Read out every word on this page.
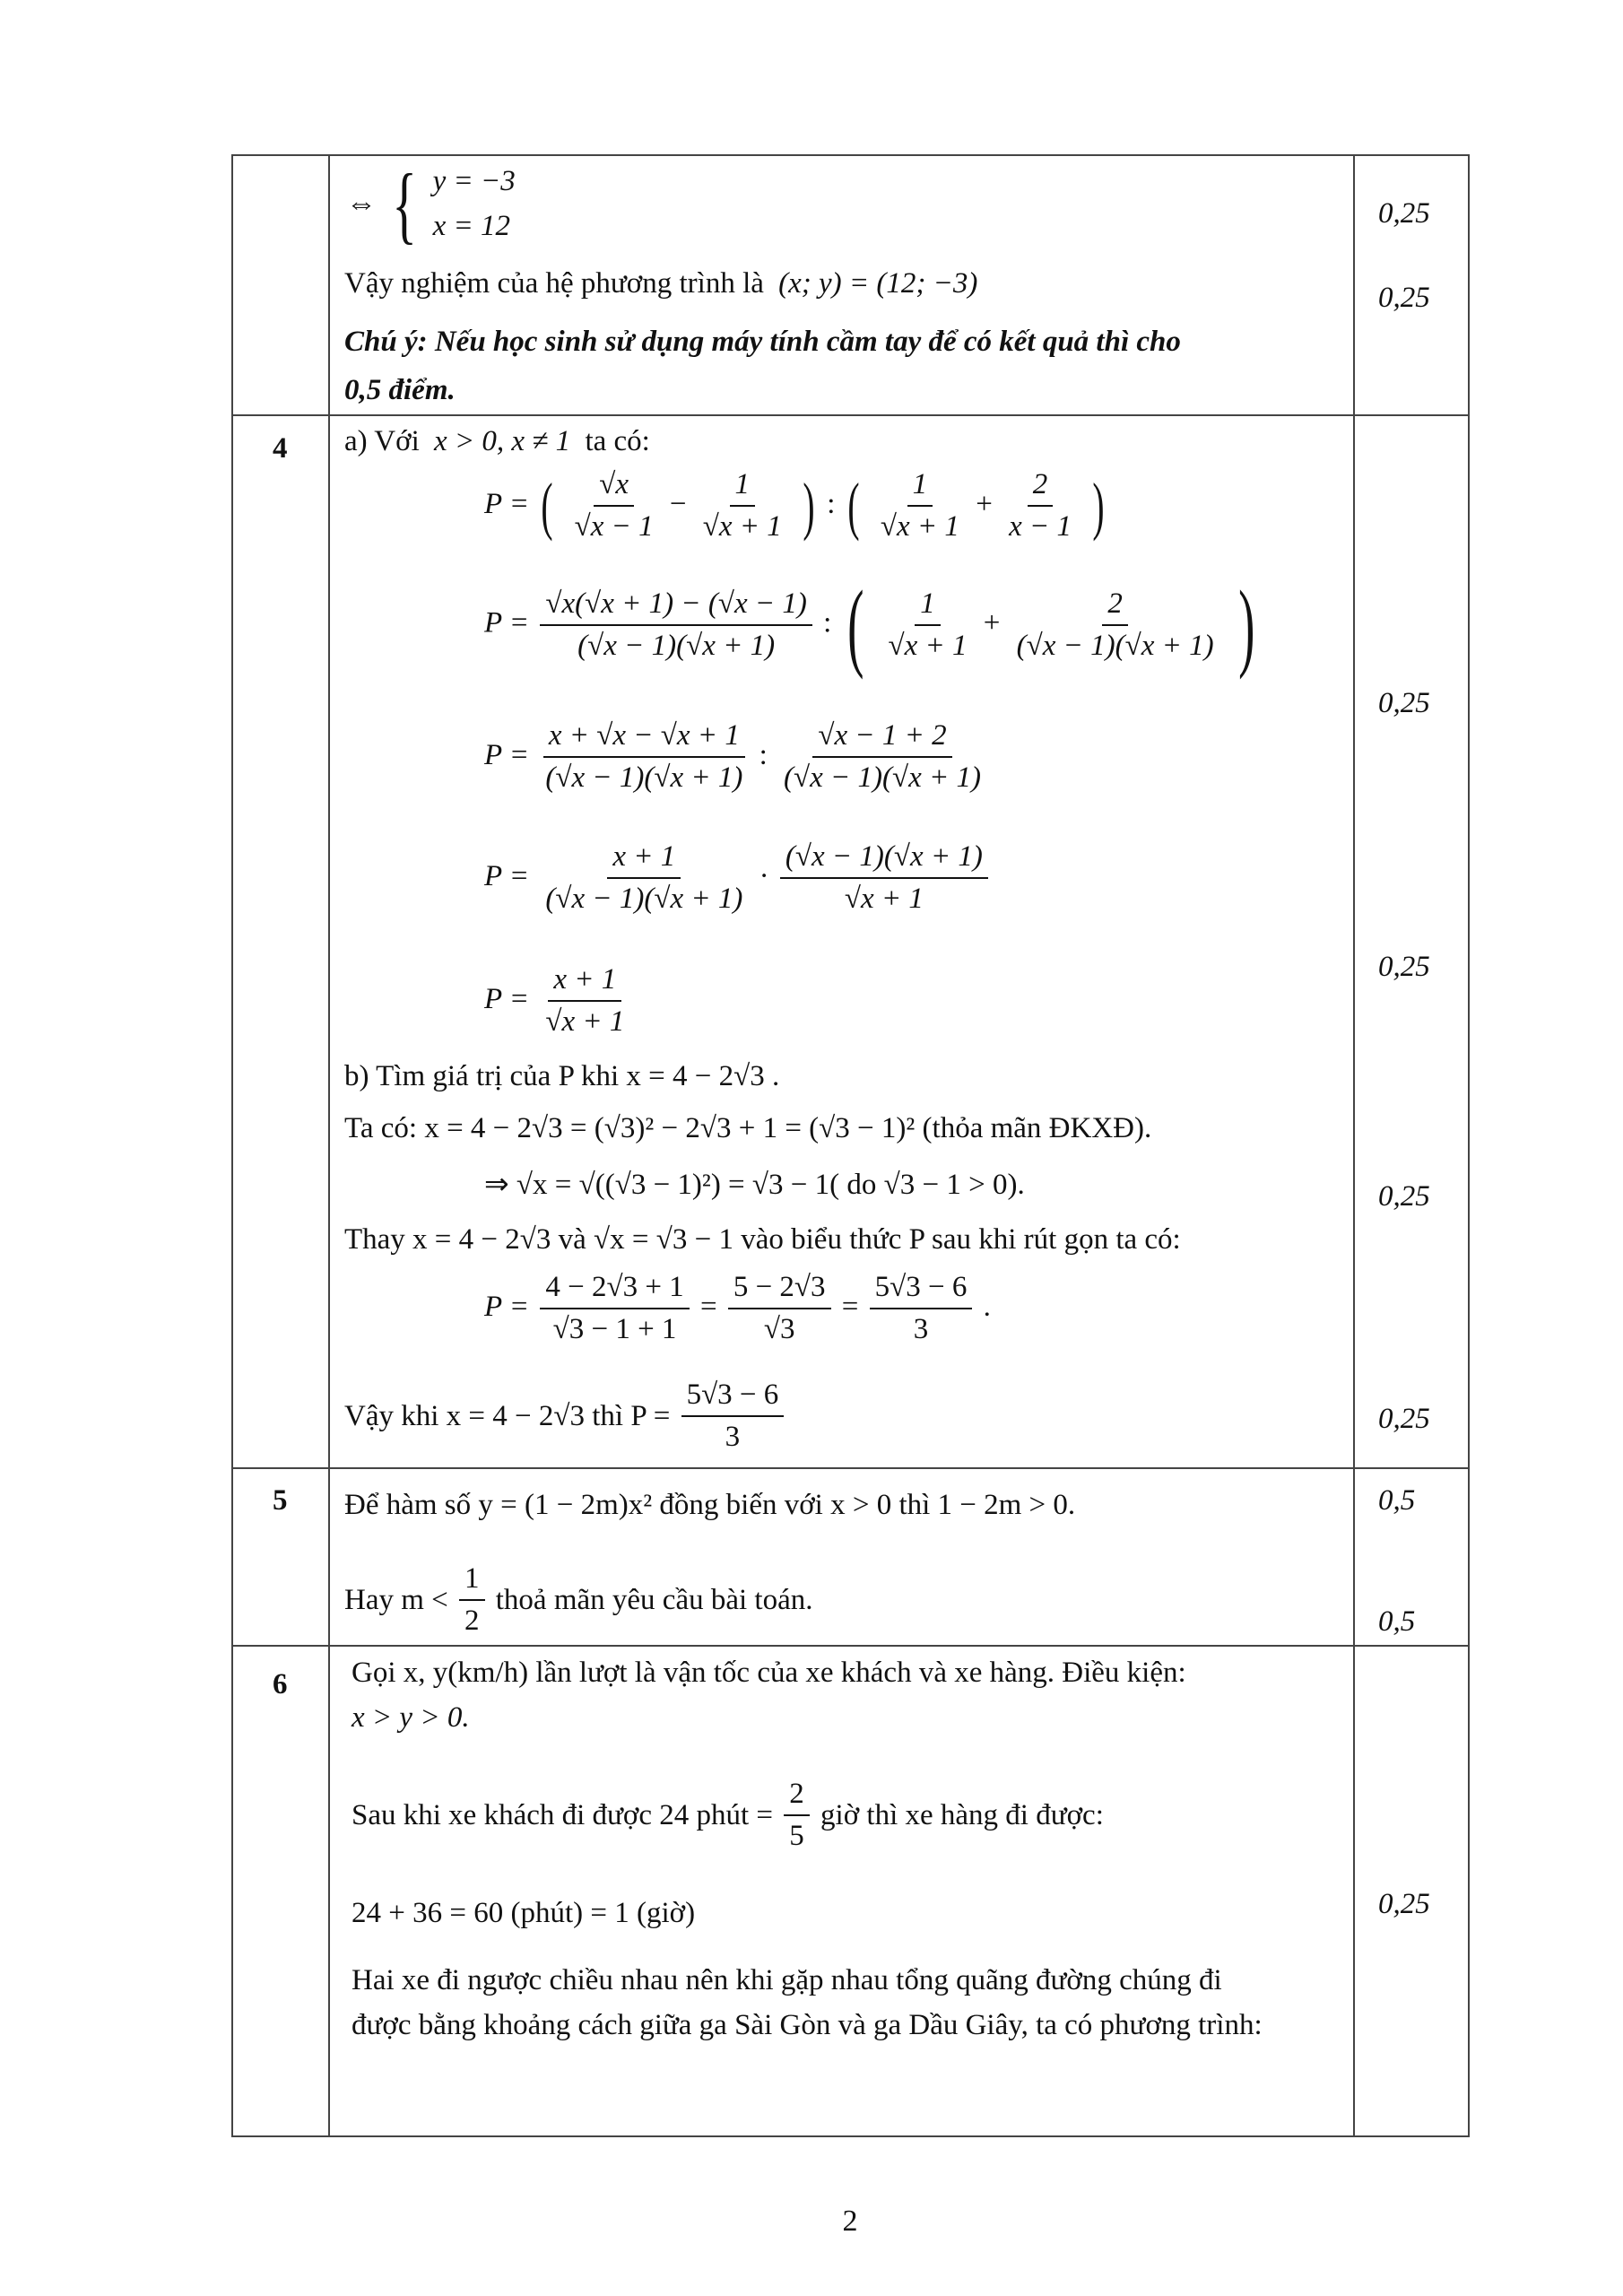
⇔ { y = −3
x = 12
Vậy nghiệm của hệ phương trình là (x; y) = (12; −3)
Chú ý: Nếu học sinh sử dụng máy tính cầm tay để có kết quả thì cho
0,5 điểm.
0,25
0,25
4 a) Với x > 0, x ≠ 1 ta có:
P = ( $\frac{√x}{√x - 1} - \frac{1}{√x + 1}$ ) : ( $\frac{1}{√x + 1} + \frac{2}{x - 1}$ )
$P = \frac{√x(√x + 1) - (√x - 1)}{(√x - 1)(√x + 1)}$ : ( $\frac{1}{√x + 1} + \frac{2}{(√x - 1)(√x + 1)}$ )
$P = \frac{x + √x - √x + 1}{(√x - 1)(√x + 1)}$ : $\frac{√x - 1 + 2}{(√x - 1)(√x + 1)}$
$P = \frac{x + 1}{(√x - 1)(√x + 1)} \cdot \frac{(√x - 1)(√x + 1)}{√x + 1}$
$P = \frac{x + 1}{√x + 1}$
b) Tìm giá trị của P khi x = 4 − 2√3 .
Ta có: x = 4 − 2√3 = (√3)² − 2√3 + 1 = (√3 − 1)² (thỏa mãn ĐKXĐ).
⇒ √x = √((√3 − 1)²) = √3 − 1( do √3 − 1 > 0).
Thay x = 4 − 2√3 và √x = √3 − 1 vào biểu thức P sau khi rút gọn ta có:
$P = \frac{4 - 2√3 + 1}{√3 - 1 + 1} = \frac{5 - 2√3}{√3} = \frac{5√3 - 6}{3}$ .
Vậy khi x = 4 − 2√3 thì $P = \frac{5√3 - 6}{3}$
0,25
0,25
0,25
0,25
5 Để hàm số y = (1 − 2m)x² đồng biến với x > 0 thì 1 − 2m > 0.
Hay $m < \frac{1}{2}$ thoả mãn yêu cầu bài toán.
0,5
0,5
6 Gọi x, y(km/h) lần lượt là vận tốc của xe khách và xe hàng. Điều kiện:
x > y > 0.
Sau khi xe khách đi được 24 phút = $\frac{2}{5}$ giờ thì xe hàng đi được:
24 + 36 = 60 (phút) = 1 (giờ)
Hai xe đi ngược chiều nhau nên khi gặp nhau tổng quãng đường chúng đi
được bằng khoảng cách giữa ga Sài Gòn và ga Dầu Giây, ta có phương trình:
0,25
2
